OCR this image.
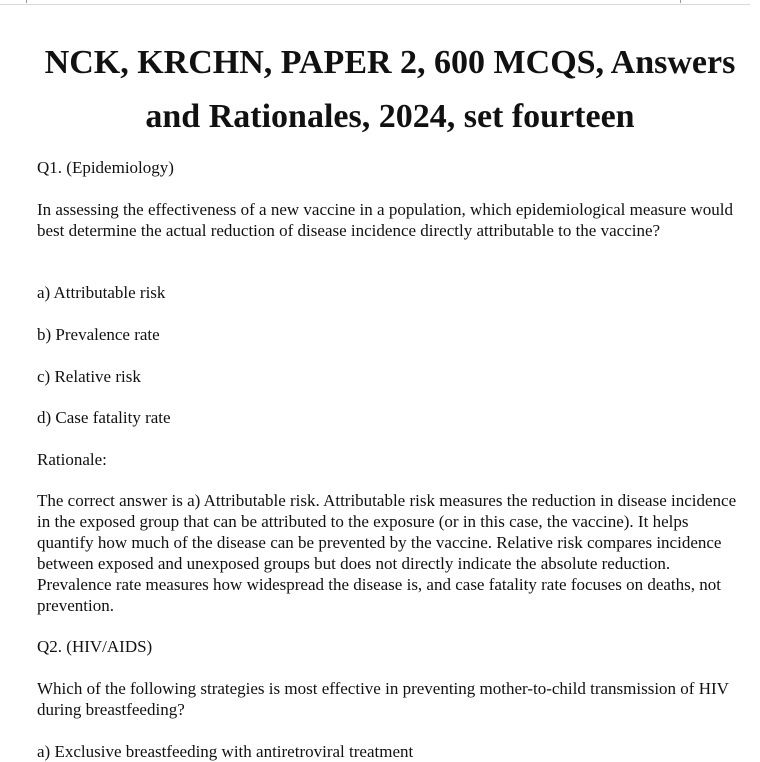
NCK, KRCHN, PAPER 2, 600 MCQS, Answers and Rationales, 2024, set fourteen

Q1. (Epidemiology)

In assessing the effectiveness of a new vaccine in a population, which epidemiological measure would best determine the actual reduction of disease incidence directly attributable to the vaccine?

a) Attributable risk

b) Prevalence rate

c) Relative risk

d) Case fatality rate

Rationale:

The correct answer is a) Attributable risk. Attributable risk measures the reduction in disease incidence in the exposed group that can be attributed to the exposure (or in this case, the vaccine). It helps quantify how much of the disease can be prevented by the vaccine. Relative risk compares incidence between exposed and unexposed groups but does not directly indicate the absolute reduction. Prevalence rate measures how widespread the disease is, and case fatality rate focuses on deaths, not prevention.

Q2. (HIV/AIDS)

Which of the following strategies is most effective in preventing mother-to-child transmission of HIV during breastfeeding?

a) Exclusive breastfeeding with antiretroviral treatment
